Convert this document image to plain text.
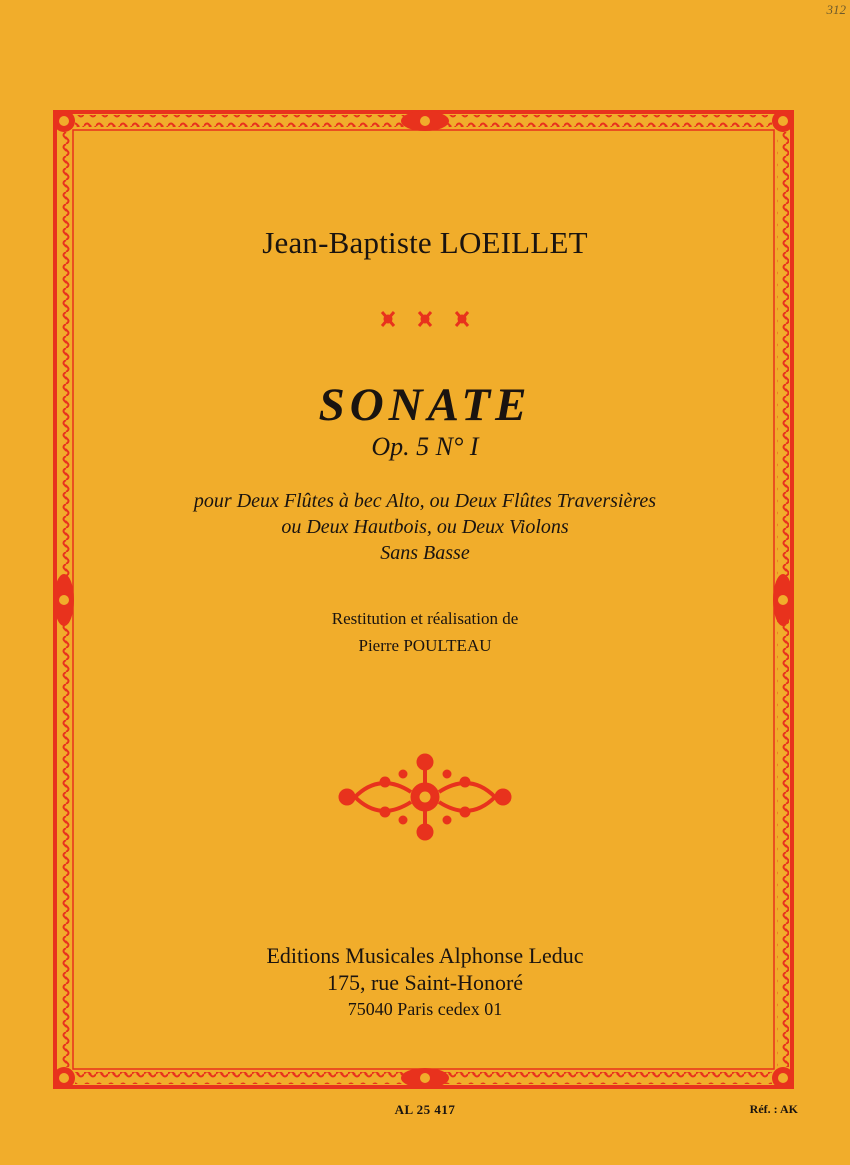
312
Jean-Baptiste LOEILLET
SONATE
Op. 5 N° I
pour Deux Flûtes à bec Alto, ou Deux Flûtes Traversières
ou Deux Hautbois, ou Deux Violons
Sans Basse
Restitution et réalisation de
Pierre POULTEAU
Editions Musicales Alphonse Leduc
175, rue Saint-Honoré
75040 Paris cedex 01
AL 25 417	Réf. : AK
